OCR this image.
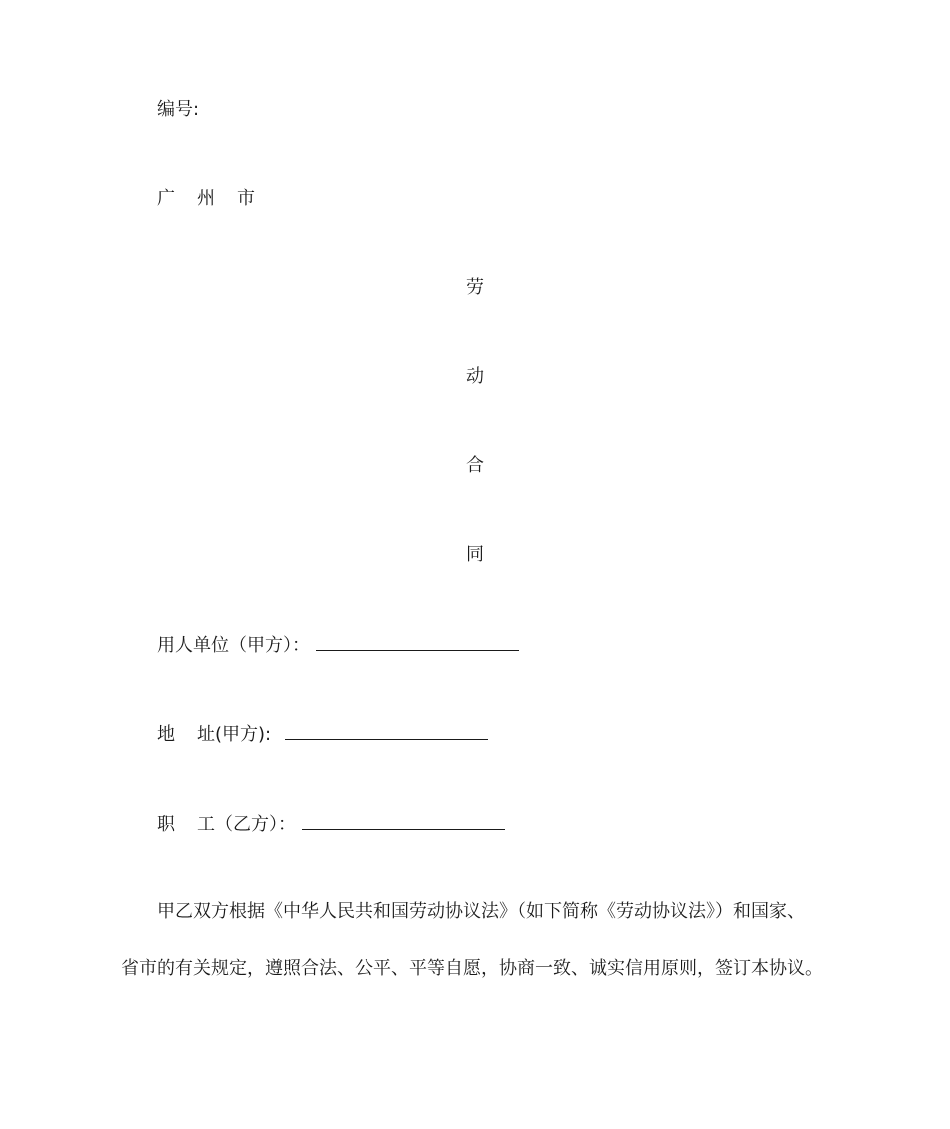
编号:
广 州 市
劳
动
合
同
用人单位（甲方）：
地 址(甲方):
职 工（乙方）：
甲乙双方根据《中华人民共和国劳动协议法》（如下简称《劳动协议法》）和国家、
省市的有关规定，遵照合法、公平、平等自愿，协商一致、诚实信用原则，签订本协议。
